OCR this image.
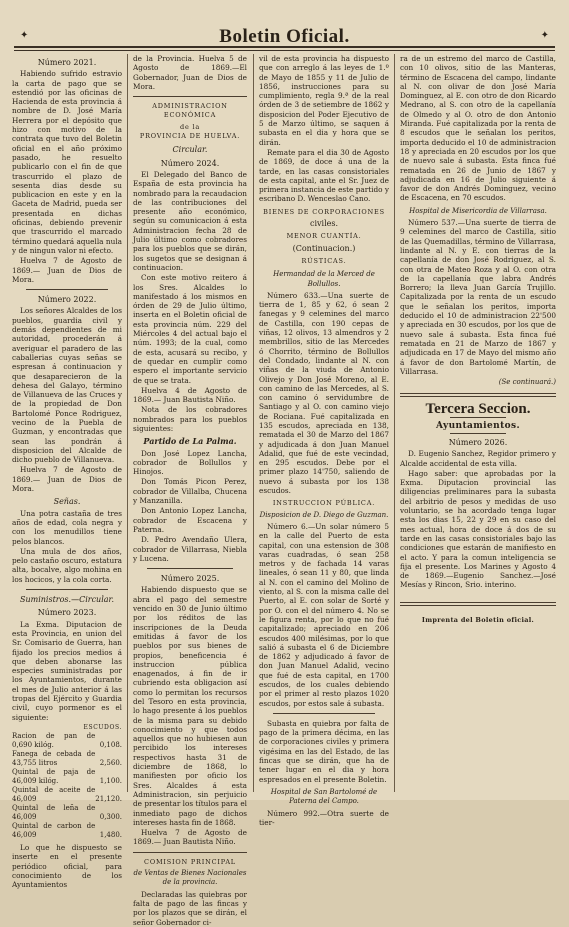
✦	Boletin Oficial.	✦
Número 2021.

Habiendo sufrido estravio la carta de pago que se estendió por las oficinas de Hacienda de esta provincia á nombre de D. José María Herrera por el depósito que hizo con motivo de la contrata que tuvo del Boletin oficial en el año próximo pasado, he resuelto publicarlo con el fin de que trascurrido el plazo de sesenta dias desde su publicacion en este y en la Gaceta de Madrid, pueda ser presentada en dichas oficinas, debiendo prevenir que trascurrido el marcado término quedará aquella nula y de ningun valor ni efecto.

Huelva 7 de Agosto de 1869.— Juan de Dios de Mora.

Número 2022.

Los señores Alcaldes de los pueblos, guardia civil y demás dependientes de mi autoridad, procederán á averiguar el paradero de las caballerias cuyas señas se espresan á continuacion y que desaparecieron de la dehesa del Galayo, término de Villanueva de las Cruces y de la propiedad de Don Bartolomé Ponce Rodriguez, vecino de la Puebla de Guzman, y encontradas que sean las pondrán á disposicion del Alcalde de dicho pueblo de Villanueva.

Huelva 7 de Agosto de 1869.— Juan de Dios de Mora.

Señas.

Una potra castaña de tres años de edad, cola negra y con los menudillos tiene pelos blancos.

Una mula de dos años, pelo castaño oscuro, estatura alta, bocalve, algo mohina en los hocicos, y la cola corta.

Suministros.—Circular.
Número 2023.

La Exma. Diputacion de esta Provincia, en union del Sr. Comisario de Guerra, han fijado los precios medios á que deben abonarse las especies suministradas por los Ayuntamientos, durante el mes de Julio anterior á las tropas del Ejército y Guardia civil, cuyo pormenor es el siguiente:

ESCUDOS.
Racion de pan de 0,690 kilóg.	0,108.
Fanega de cebada de 43,755 litros	2,560.
Quintal de paja de 46,009 kilóg.	1,100.
Quintal de aceite de 46,009	21,120.
Quintal de leña de 46,009	0,300.
Quintal de carbon de 46,009	1,480.

Lo que he dispuesto se inserte en el presente periódico oficial, para conocimiento de los Ayuntamientos

de la Provincia. Huelva 5 de Agosto de 1869.—El Gobernador, Juan de Dios de Mora.

ADMINISTRACION ECONÓMICA
de la
PROVINCIA DE HUELVA.
Circular.
Número 2024.

El Delegado del Banco de España de esta provincia ha nombrado para la recaudacion de las contribuciones del presente año económico, según su comunicacion á esta Administracion fecha 28 de Julio último como cobradores para los pueblos que se dirán, los sugetos que se designan á continuacion.

Con este motivo reitero á los Sres. Alcaldes lo manifestado á los mismos en órden de 29 de Julio último, inserta en el Boletin oficial de esta provincia núm. 229 del Miércoles 4 del actual bajo el núm. 1993; de la cual, como de esta, acusará su recibo, y de quedar en cumplir como espero el importante servicio de que se trata.

Huelva 4 de Agosto de 1869.— Juan Bautista Niño.

Nota de los cobradores nombrados para los pueblos siguientes:

Partido de La Palma.

Don José Lopez Lancha, cobrador de Bollullos y Hinojos.

Don Tomás Picon Perez, cobrador de Villalba, Chucena y Manzanilla.

Don Antonio Lopez Lancha, cobrador de Escacena y Paterna.

D. Pedro Avendaño Ulera, cobrador de Villarrasa, Niebla y Lucena.

Número 2025.

Habiendo dispuesto que se abra el pago del semestre vencido en 30 de Junio último por los réditos de las inscripciones de la Deuda emitidas á favor de los pueblos por sus bienes de propios, beneficencia é instruccion pública enagenados, á fin de ir cubriendo esta obligacion así como lo permitan los recursos del Tesoro en esta provincia, lo hago presente á los pueblos de la misma para su debido conocimiento y que todos aquellos que no hubiesen aun percibido los intereses respectivos hasta 31 de diciembre de 1868, lo manifiesten por oficio los Sres. Alcaldes á esta Administracion, sin perjuicio de presentar los títulos para el inmediato pago de dichos intereses hasta fin de 1868.

Huelva 7 de Agosto de 1869.— Juan Bautista Niño.

COMISION PRINCIPAL
de Ventas de Bienes Nacionales de la provincia.

Declaradas las quiebras por falta de pago de las fincas y por los plazos que se dirán, el señor Gobernador ci-

vil de esta provincia ha dispuesto que con arreglo á las leyes de 1.º de Mayo de 1855 y 11 de Julio de 1856, instrucciones para su cumplimiento, regla 9.ª de la real órden de 3 de setiembre de 1862 y disposicion del Poder Ejecutivo de 5 de Marzo último, se saquen á subasta en el dia y hora que se dirán.

Remate para el dia 30 de Agosto de 1869, de doce á una de la tarde, en las casas consistoriales de esta capital, ante el Sr. Juez de primera instancia de este partido y escribano D. Wenceslao Cano.

BIENES DE CORPORACIONES
civiles.
MENOR CUANTÍA.
(Continuacion.)
RÚSTICAS.
Hermandad de la Merced de Bollullos.

Número 633.—Una suerte de tierra de 1, 85 y 62, ó sean 2 fanegas y 9 celemines del marco de Castilla, con 190 cepas de viñas, 12 olivos, 13 almendros y 2 membrillos, sitio de las Mercedes ó Chorrito, término de Bollullos del Condado, lindante al N. con viñas de la viuda de Antonio Olivejo y Don José Moreno, al E. con camino de las Mercedes, al S. con camino ó servidumbre de Santiago y al O. con camino viejo de Rociana. Fué capitalizada en 135 escudos, apreciada en 138, rematada el 30 de Marzo del 1867 y adjudicada á don Juan Manuel Adalid, que fué de este vecindad, en 295 escudos. Debe por el primer plazo 14'750, saliendo de nuevo á subasta por los 138 escudos.

INSTRUCCION PÚBLICA.
Disposicion de D. Diego de Guzman.

Número 6.—Un solar número 5 en la calle del Puerto de esta capital, con una estension de 308 varas cuadradas, ó sean 258 metros y de fachada 14 varas lineales, ó sean 11 y 80, que linda al N. con el camino del Molino de viento, al S. con la misma calle del Puerto, al E. con solar de Sorté y por O. con el del número 4. No se le figura renta, por lo que no fué capitalizado; apreciado en 206 escudos 400 milésimas, por lo que salió á subasta el 6 de Diciembre de 1862 y adjudicado á favor de don Juan Manuel Adalid, vecino que fué de esta capital, en 1700 escudos, de los cuales debiendo por el primer al resto plazos 1020 escudos, por estos sale á subasta.

Subasta en quiebra por falta de pago de la primera décima, en las de corporaciones civiles y primera vigésima en las del Estado, de las fincas que se dirán, que ha de tener lugar en el dia y hora espresados en el presente Boletin.

Hospital de San Bartolomé de Paterna del Campo.

Número 992.—Otra suerte de tier-

ra de un estremo del marco de Castilla, con 10 olivos, sitio de las Manteras, término de Escacena del campo, lindante al N. con olivar de don José María Dominguez, al E. con otro de don Ricardo Medrano, al S. con otro de la capellanía de Olmedo y al O. otro de don Antonio Miranda. Fué capitalizada por la renta de 8 escudos que le señalan los peritos, importa deducido el 10 de administracion 18 y apreciada en 20 escudos por los que de nuevo sale á subasta. Esta finca fué rematada en 26 de Junio de 1867 y adjudicada en 16 de Julio siguiente á favor de don Andrés Dominguez, vecino de Escacena, en 70 escudos.

Hospital de Misericordia de Villarrasa.

Número 537.—Una suerte de tierra de 9 celemines del marco de Castilla, sitio de las Quemadillas, término de Villarrasa, lindante al N. y E. con tierras de la capellanía de don José Rodriguez, al S. con otra de Mateo Roza y al O. con otra de la capellanía que labra Andrés Borrero; la lleva Juan García Trujillo. Capitalizada por la renta de un escudo que le señalan los peritos, importa deducido el 10 de administracion 22'500 y apreciada en 30 escudos, por los que de nuevo sale á subasta. Esta finca fué rematada en 21 de Marzo de 1867 y adjudicada en 17 de Mayo del mismo año á favor de don Bartolomé Martín, de Villarrasa.

(Se continuará.)
Tercera Seccion.
Ayuntamientos.
Número 2026.

D. Eugenio Sanchez, Regidor primero y Alcalde accidental de esta villa.

Hago saber: que aprobadas por la Exma. Diputacion provincial las diligencias preliminares para la subasta del arbitrio de pesos y medidas de uso voluntario, se ha acordado tenga lugar esta los dias 15, 22 y 29 en su caso del mes actual, hora de doce á dos de su tarde en las casas consistoriales bajo las condiciones que estarán de manifiesto en el acto. Y para la comun inteligencia se fija el presente. Los Marines y Agosto 4 de 1869.—Eugenio Sanchez.—José Mesías y Rincon, Srio. interino.

Imprenta del Boletin oficial.
